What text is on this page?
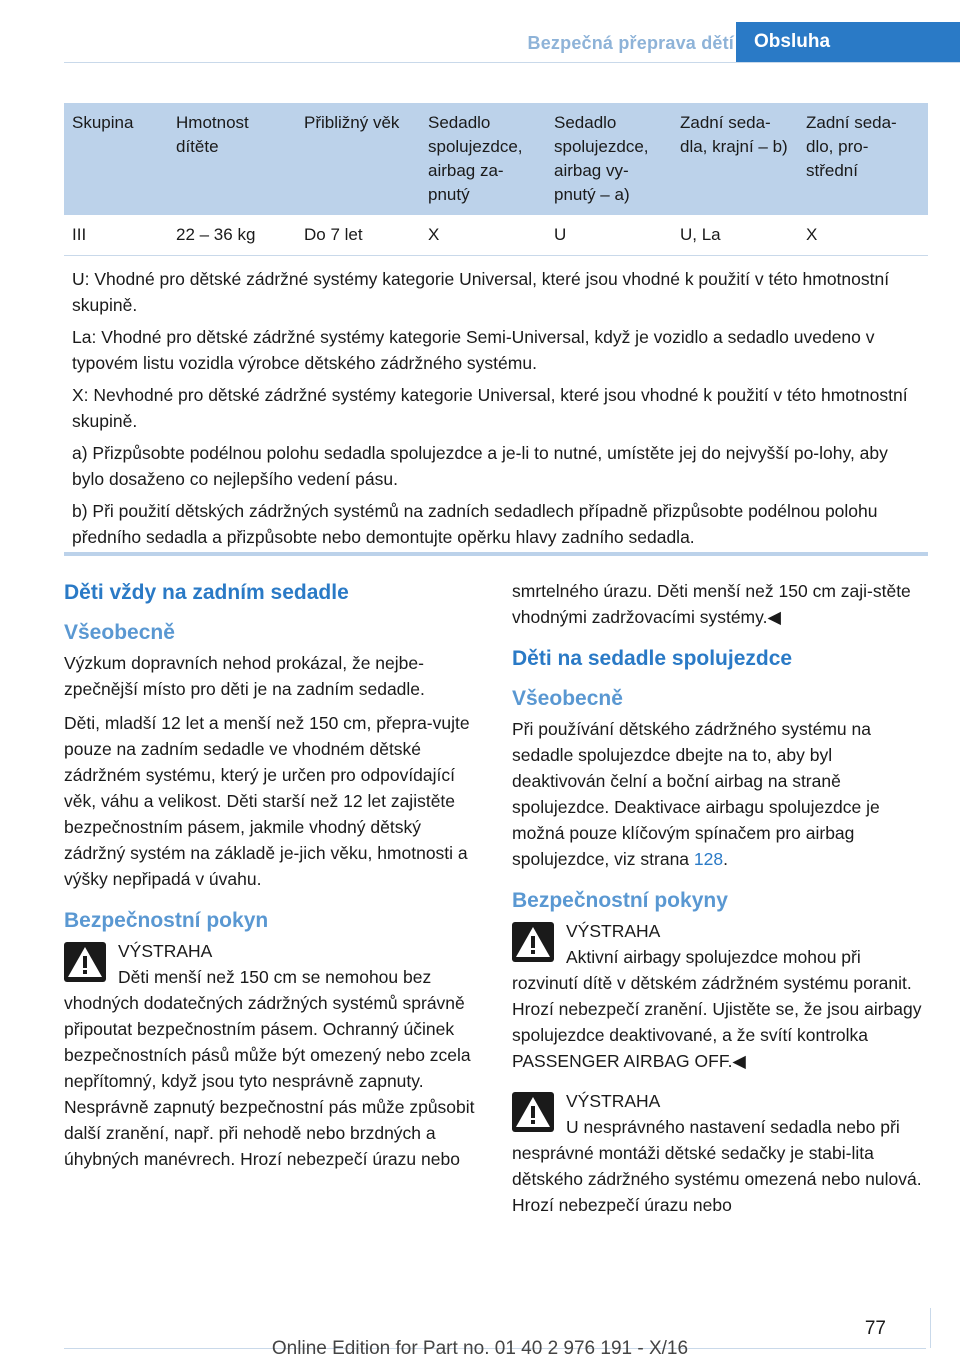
Bezpečná přeprava dětí	Obsluha
Skupina	Hmotnost dítěte	Přibližný věk	Sedadlo spolujezdce, airbag za-pnutý	Sedadlo spolujezdce, airbag vy-pnutý – a)	Zadní seda-dla, krajní – b)	Zadní seda-dlo, pro-střední
III	22 – 36 kg	Do 7 let	X	U	U, La	X

U: Vhodné pro dětské zádržné systémy kategorie Universal, které jsou vhodné k použití v této hmotnostní skupině.

La: Vhodné pro dětské zádržné systémy kategorie Semi-Universal, když je vozidlo a sedadlo uvedeno v typovém listu vozidla výrobce dětského zádržného systému.

X: Nevhodné pro dětské zádržné systémy kategorie Universal, které jsou vhodné k použití v této hmotnostní skupině.

a) Přizpůsobte podélnou polohu sedadla spolujezdce a je-li to nutné, umístěte jej do nejvyšší po-lohy, aby bylo dosaženo co nejlepšího vedení pásu.

b) Při použití dětských zádržných systémů na zadních sedadlech případně přizpůsobte podélnou polohu předního sedadla a přizpůsobte nebo demontujte opěrku hlavy zadního sedadla.

Děti vždy na zadním sedadle
Všeobecně

Výzkum dopravních nehod prokázal, že nejbe-zpečnější místo pro děti je na zadním sedadle.

Děti, mladší 12 let a menší než 150 cm, přepra-vujte pouze na zadním sedadle ve vhodném dětské zádržném systému, který je určen pro odpovídající věk, váhu a velikost. Děti starší než 12 let zajistěte bezpečnostním pásem, jakmile vhodný dětský zádržný systém na základě je-jich věku, hmotnosti a výšky nepřipadá v úvahu.

Bezpečnostní pokyn
VÝSTRAHA
Děti menší než 150 cm se nemohou bez vhodných dodatečných zádržných systémů správně připoutat bezpečnostním pásem. Ochranný účinek bezpečnostních pásů může být omezený nebo zcela nepřítomný, když jsou tyto nesprávně zapnuty. Nesprávně zapnutý bezpečnostní pás může způsobit další zranění, např. při nehodě nebo brzdných a úhybných manévrech. Hrozí nebezpečí úrazu nebo

smrtelného úrazu. Děti menší než 150 cm zaji-stěte vhodnými zadržovacími systémy.◀

Děti na sedadle spolujezdce
Všeobecně

Při používání dětského zádržného systému na sedadle spolujezdce dbejte na to, aby byl deaktivován čelní a boční airbag na straně spolujezdce. Deaktivace airbagu spolujezdce je možná pouze klíčovým spínačem pro airbag spolujezdce, viz strana 128.

Bezpečnostní pokyny
VÝSTRAHA
Aktivní airbagy spolujezdce mohou při rozvinutí dítě v dětském zádržném systému poranit. Hrozí nebezpečí zranění. Ujistěte se, že jsou airbagy spolujezdce deaktivované, a že svítí kontrolka PASSENGER AIRBAG OFF.◀
VÝSTRAHA
U nesprávného nastavení sedadla nebo při nesprávné montáži dětské sedačky je stabi-lita dětského zádržného systému omezená nebo nulová. Hrozí nebezpečí úrazu nebo
77
Online Edition for Part no. 01 40 2 976 191 - X/16
